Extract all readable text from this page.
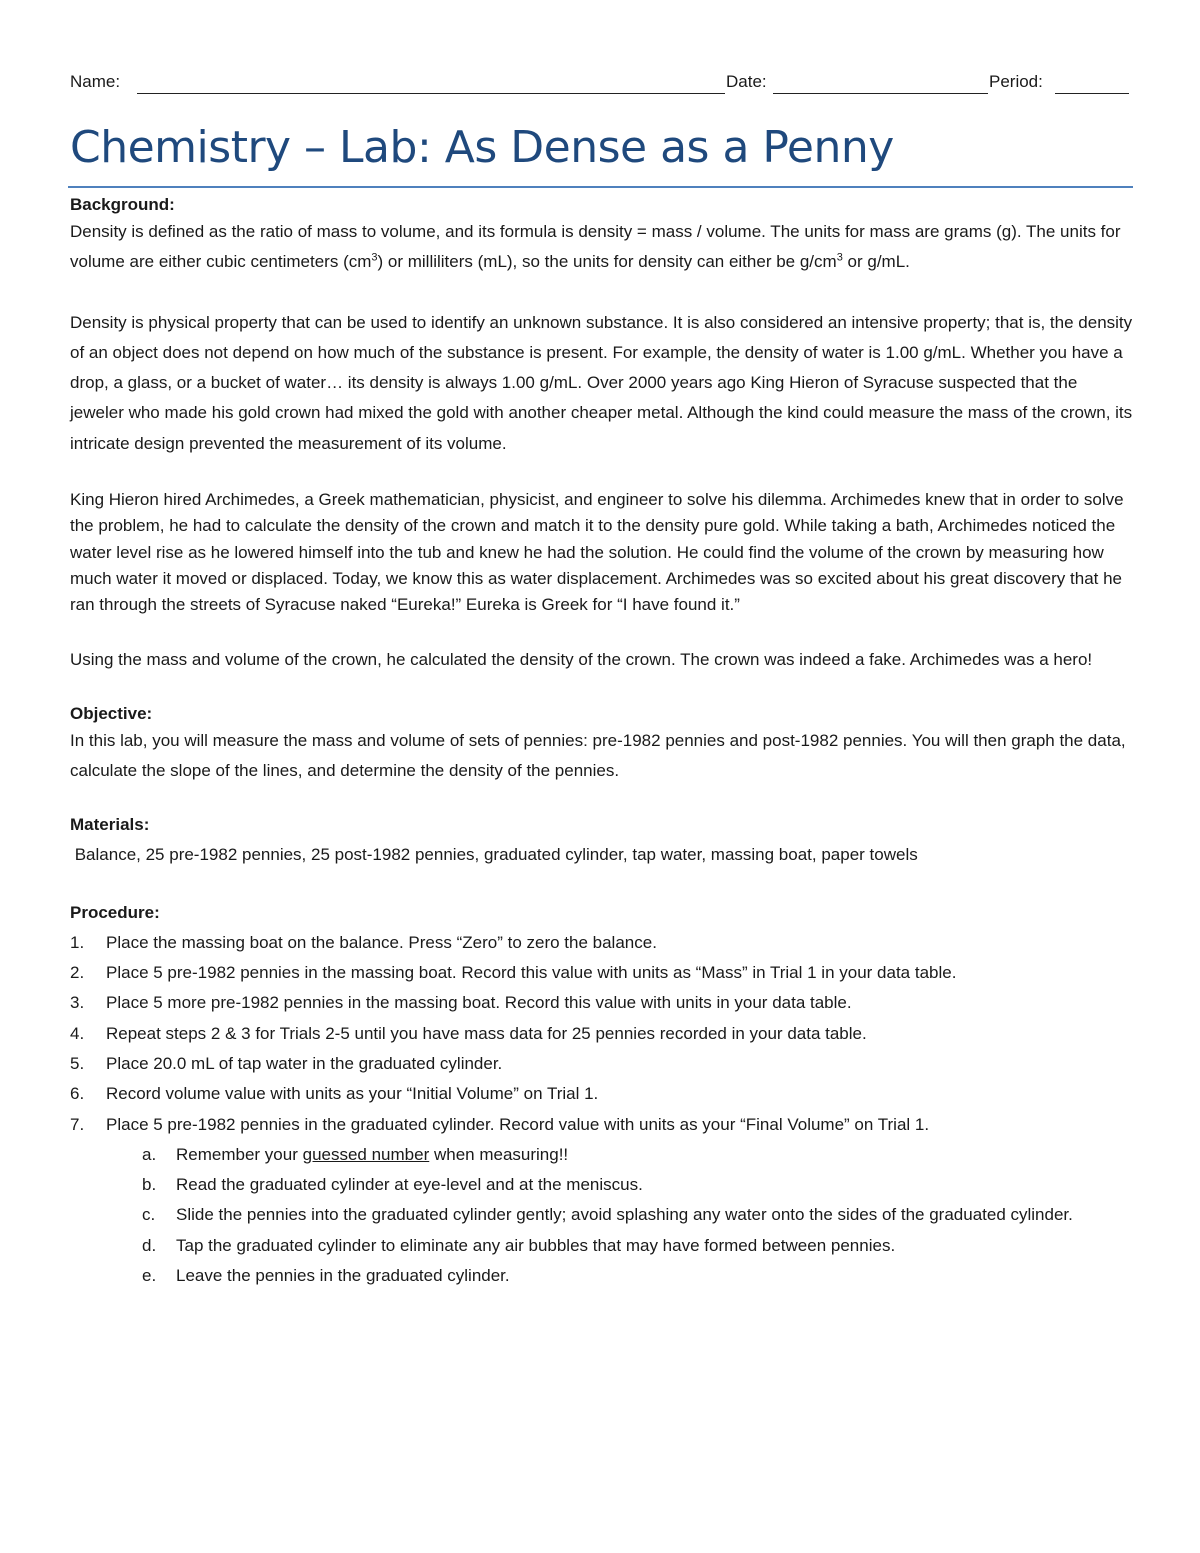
Name:	Date:	Period:
Chemistry – Lab: As Dense as a Penny

Background:

Density is defined as the ratio of mass to volume, and its formula is density = mass / volume. The units for mass are grams (g). The units for volume are either cubic centimeters $(cm^3)$ or milliliters (mL), so the units for density can either be $g/cm^3$ or g/mL.

Density is physical property that can be used to identify an unknown substance. It is also considered an intensive property; that is, the density of an object does not depend on how much of the substance is present. For example, the density of water is 1.00 g/mL. Whether you have a drop, a glass, or a bucket of water… its density is always 1.00 g/mL. Over 2000 years ago King Hieron of Syracuse suspected that the jeweler who made his gold crown had mixed the gold with another cheaper metal. Although the kind could measure the mass of the crown, its intricate design prevented the measurement of its volume.

King Hieron hired Archimedes, a Greek mathematician, physicist, and engineer to solve his dilemma. Archimedes knew that in order to solve the problem, he had to calculate the density of the crown and match it to the density pure gold. While taking a bath, Archimedes noticed the water level rise as he lowered himself into the tub and knew he had the solution. He could find the volume of the crown by measuring how much water it moved or displaced. Today, we know this as water displacement. Archimedes was so excited about his great discovery that he ran through the streets of Syracuse naked “Eureka!” Eureka is Greek for “I have found it.”

Using the mass and volume of the crown, he calculated the density of the crown. The crown was indeed a fake. Archimedes was a hero!

Objective:

In this lab, you will measure the mass and volume of sets of pennies: pre-1982 pennies and post-1982 pennies. You will then graph the data, calculate the slope of the lines, and determine the density of the pennies.

Materials:

Balance, 25 pre-1982 pennies, 25 post-1982 pennies, graduated cylinder, tap water, massing boat, paper towels

Procedure:

1. Place the massing boat on the balance. Press “Zero” to zero the balance.
2. Place 5 pre-1982 pennies in the massing boat. Record this value with units as “Mass” in Trial 1 in your data table.
3. Place 5 more pre-1982 pennies in the massing boat. Record this value with units in your data table.
4. Repeat steps 2 & 3 for Trials 2-5 until you have mass data for 25 pennies recorded in your data table.
5. Place 20.0 mL of tap water in the graduated cylinder.
6. Record volume value with units as your “Initial Volume” on Trial 1.
7. Place 5 pre-1982 pennies in the graduated cylinder. Record value with units as your “Final Volume” on Trial 1.
a. Remember your guessed number when measuring!!
b. Read the graduated cylinder at eye-level and at the meniscus.
c. Slide the pennies into the graduated cylinder gently; avoid splashing any water onto the sides of the graduated cylinder.
d. Tap the graduated cylinder to eliminate any air bubbles that may have formed between pennies.
e. Leave the pennies in the graduated cylinder.
